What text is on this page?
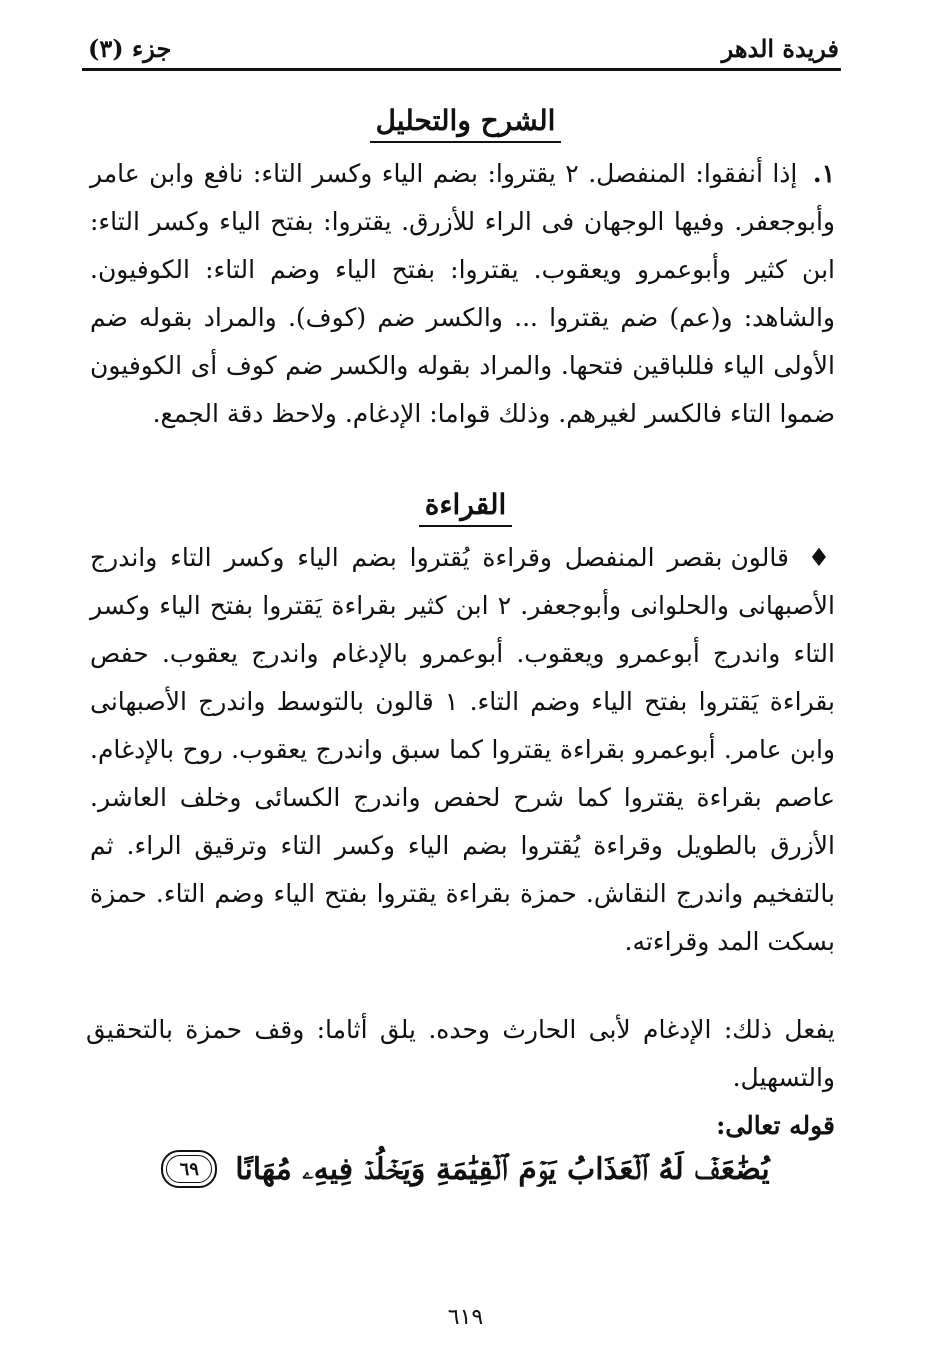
فريدة الدهر
جزء (٣)
الشرح والتحليل

١. إذا أنفقوا: المنفصل. ٢ يقتروا: بضم الياء وكسر التاء: نافع وابن عامر وأبوجعفر. وفيها الوجهان فى الراء للأزرق. يقتروا: بفتح الياء وكسر التاء: ابن كثير وأبوعمرو ويعقوب. يقتروا: بفتح الياء وضم التاء: الكوفيون. والشاهد: و(عم) ضم يقتروا ... والكسر ضم (كوف). والمراد بقوله ضم الأولى الياء فللباقين فتحها. والمراد بقوله والكسر ضم كوف أى الكوفيون ضموا التاء فالكسر لغيرهم. وذلك قواما: الإدغام. ولاحظ دقة الجمع.

القراءة

♦ قالون بقصر المنفصل وقراءة يُقتروا بضم الياء وكسر التاء واندرج الأصبهانى والحلوانى وأبوجعفر. ٢ ابن كثير بقراءة يَقتروا بفتح الياء وكسر التاء واندرج أبوعمرو ويعقوب. أبوعمرو بالإدغام واندرج يعقوب. حفص بقراءة يَقتروا بفتح الياء وضم التاء. ١ قالون بالتوسط واندرج الأصبهانى وابن عامر. أبوعمرو بقراءة يقتروا كما سبق واندرج يعقوب. روح بالإدغام. عاصم بقراءة يقتروا كما شرح لحفص واندرج الكسائى وخلف العاشر. الأزرق بالطويل وقراءة يُقتروا بضم الياء وكسر التاء وترقيق الراء. ثم بالتفخيم واندرج النقاش. حمزة بقراءة يقتروا بفتح الياء وضم التاء. حمزة بسكت المد وقراءته.

يفعل ذلك: الإدغام لأبى الحارث وحده. يلق أثاما: وقف حمزة بالتحقيق والتسهيل.

قوله تعالى:

يُضَٰعَفۡ لَهُ ٱلۡعَذَابُ يَوۡمَ ٱلۡقِيَٰمَةِ وَيَخۡلُدۡ فِيهِۦ مُهَانًا
٦٩
٦١٩
